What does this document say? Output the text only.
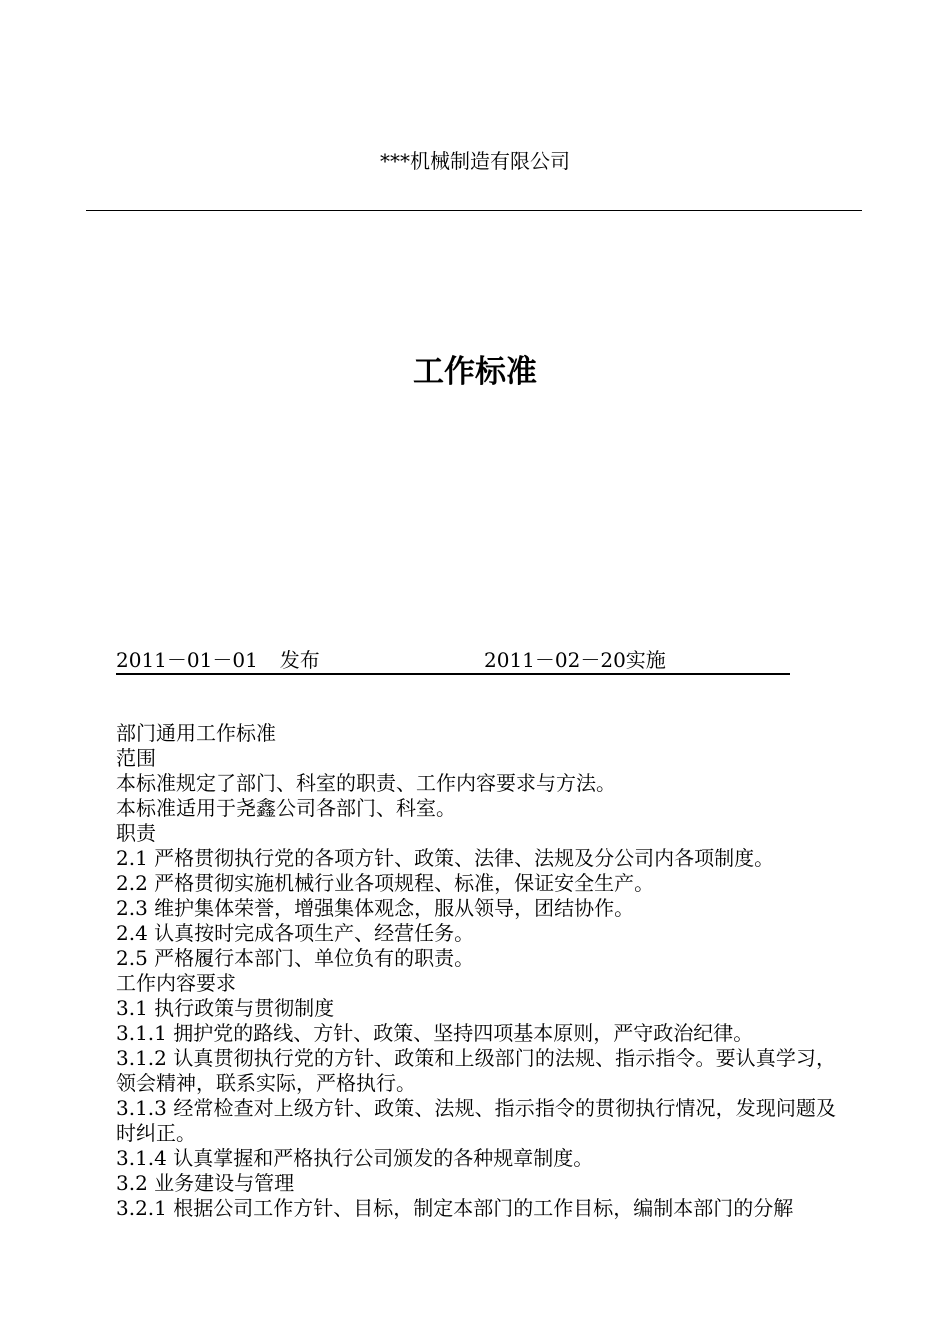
***机械制造有限公司
工作标准
2011－01－01 发布	2011－02－20实施

部门通用工作标准

范围

本标准规定了部门、科室的职责、工作内容要求与方法。

本标准适用于尧鑫公司各部门、科室。

职责

2.1 严格贯彻执行党的各项方针、政策、法律、法规及分公司内各项制度。

2.2 严格贯彻实施机械行业各项规程、标准，保证安全生产。

2.3 维护集体荣誉，增强集体观念，服从领导，团结协作。

2.4 认真按时完成各项生产、经营任务。

2.5 严格履行本部门、单位负有的职责。

工作内容要求

3.1 执行政策与贯彻制度

3.1.1 拥护党的路线、方针、政策、坚持四项基本原则，严守政治纪律。

3.1.2 认真贯彻执行党的方针、政策和上级部门的法规、指示指令。要认真学习，领会精神，联系实际，严格执行。

3.1.3 经常检查对上级方针、政策、法规、指示指令的贯彻执行情况，发现问题及时纠正。

3.1.4 认真掌握和严格执行公司颁发的各种规章制度。

3.2 业务建设与管理

3.2.1 根据公司工作方针、目标，制定本部门的工作目标，编制本部门的分解
